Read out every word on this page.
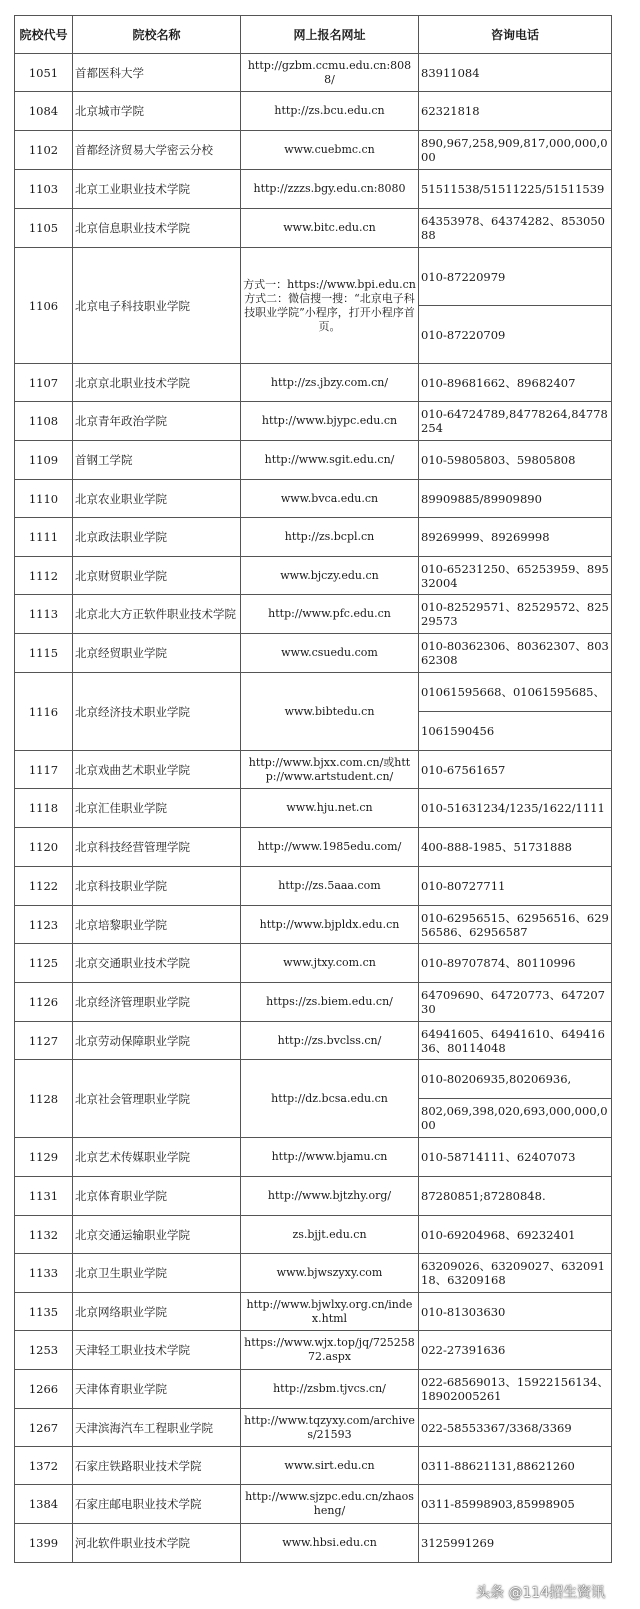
院校代号	院校名称	网上报名网址	咨询电话
1051	首都医科大学	http://gzbm.ccmu.edu.cn:8088/	83911084
1084	北京城市学院	http://zs.bcu.edu.cn	62321818
1102	首都经济贸易大学密云分校	www.cuebmc.cn	890,967,258,909,817,000,000,000
1103	北京工业职业技术学院	http://zzzs.bgy.edu.cn:8080	51511538/51511225/51511539
1105	北京信息职业技术学院	www.bitc.edu.cn	64353978、64374282、85305088
1106	北京电子科技职业学院	方式一：https://www.bpi.edu.cn　方式二：微信搜一搜：“北京电子科技职业学院”小程序，打开小程序首页。	010-87220979
			010-87220709
1107	北京京北职业技术学院	http://zs.jbzy.com.cn/	010-89681662、89682407
1108	北京青年政治学院	http://www.bjypc.edu.cn	010-64724789,84778264,84778254
1109	首钢工学院	http://www.sgit.edu.cn/	010-59805803、59805808
1110	北京农业职业学院	www.bvca.edu.cn	89909885/89909890
1111	北京政法职业学院	http://zs.bcpl.cn	89269999、89269998
1112	北京财贸职业学院	www.bjczy.edu.cn	010-65231250、65253959、89532004
1113	北京北大方正软件职业技术学院	http://www.pfc.edu.cn	010-82529571、82529572、82529573
1115	北京经贸职业学院	www.csuedu.com	010-80362306、80362307、80362308
1116	北京经济技术职业学院	www.bibtedu.cn	01061595668、01061595685、
			1061590456
1117	北京戏曲艺术职业学院	http://www.bjxx.com.cn/或http://www.artstudent.cn/	010-67561657
1118	北京汇佳职业学院	www.hju.net.cn	010-51631234/1235/1622/1111
1120	北京科技经营管理学院	http://www.1985edu.com/	400-888-1985、51731888
1122	北京科技职业学院	http://zs.5aaa.com	010-80727711
1123	北京培黎职业学院	http://www.bjpldx.edu.cn	010-62956515、62956516、62956586、62956587
1125	北京交通职业技术学院	www.jtxy.com.cn	010-89707874、80110996
1126	北京经济管理职业学院	https://zs.biem.edu.cn/	64709690、64720773、64720730
1127	北京劳动保障职业学院	http://zs.bvclss.cn/	64941605、64941610、64941636、80114048
1128	北京社会管理职业学院	http://dz.bcsa.edu.cn	010-80206935,80206936,
			802,069,398,020,693,000,000,000
1129	北京艺术传媒职业学院	http://www.bjamu.cn	010-58714111、62407073
1131	北京体育职业学院	http://www.bjtzhy.org/	87280851;87280848.
1132	北京交通运输职业学院	zs.bjjt.edu.cn	010-69204968、69232401
1133	北京卫生职业学院	www.bjwszyxy.com	63209026、63209027、63209118、63209168
1135	北京网络职业学院	http://www.bjwlxy.org.cn/index.html	010-81303630
1253	天津轻工职业技术学院	https://www.wjx.top/jq/72525872.aspx	022-27391636
1266	天津体育职业学院	http://zsbm.tjvcs.cn/	022-68569013、15922156134、18902005261
1267	天津滨海汽车工程职业学院	http://www.tqzyxy.com/archives/21593	022-58553367/3368/3369
1372	石家庄铁路职业技术学院	www.sirt.edu.cn	0311-88621131,88621260
1384	石家庄邮电职业技术学院	http://www.sjzpc.edu.cn/zhaosheng/	0311-85998903,85998905
1399	河北软件职业技术学院	www.hbsi.edu.cn	3125991269
头条 @114招生资讯
